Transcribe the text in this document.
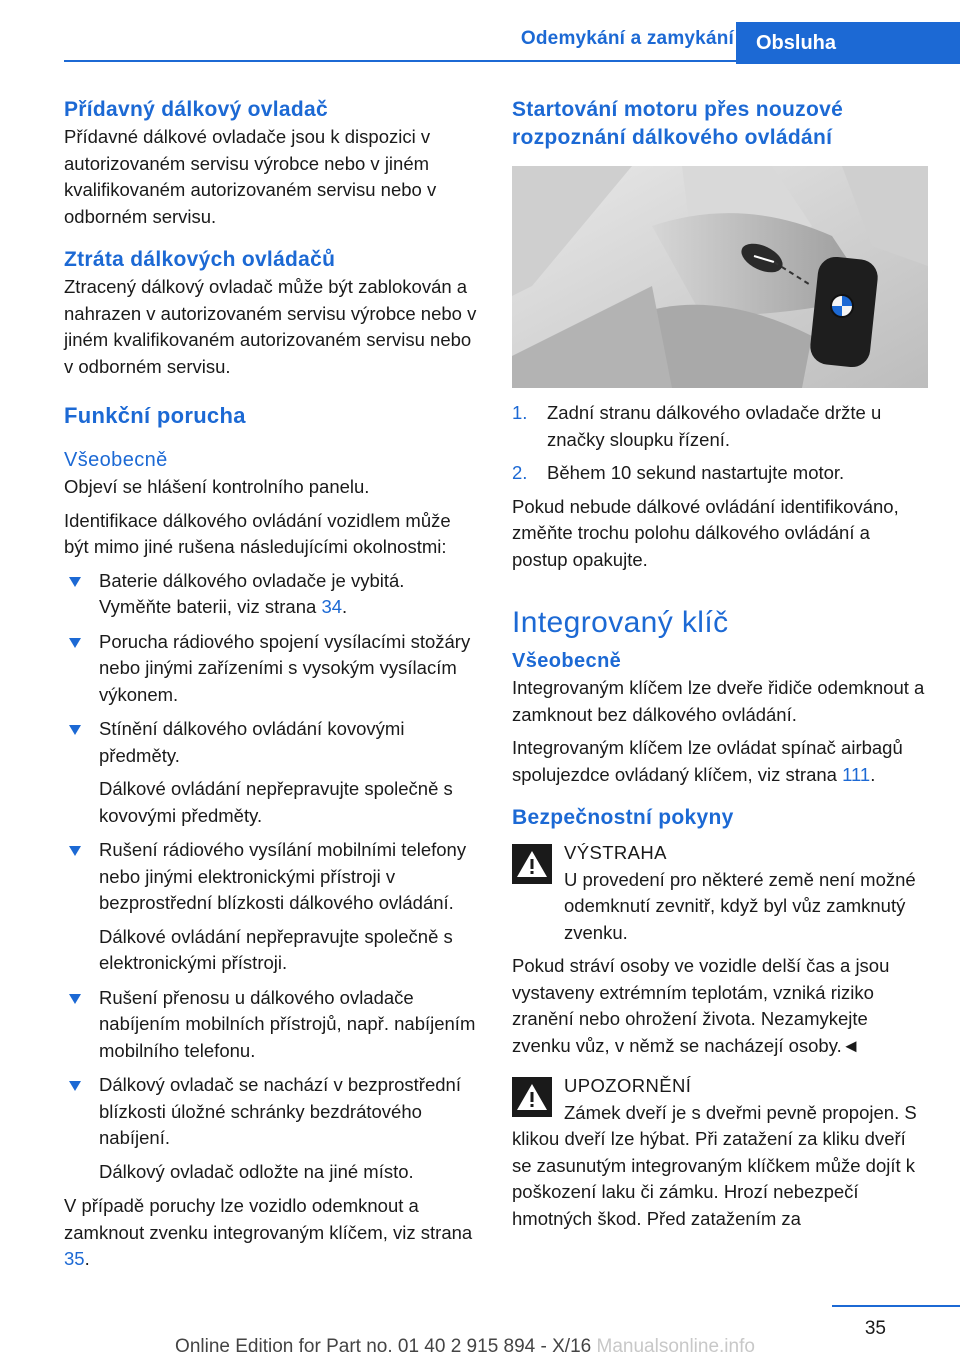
Odemykání a zamykání	Obsluha
Přídavný dálkový ovladač

Přídavné dálkové ovladače jsou k dispozici v autorizovaném servisu výrobce nebo v jiném kvalifikovaném autorizovaném servisu nebo v odborném servisu.

Ztráta dálkových ovládačů

Ztracený dálkový ovladač může být zablokován a nahrazen v autorizovaném servisu výrobce nebo v jiném kvalifikovaném autorizovaném servisu nebo v odborném servisu.

Funkční porucha
Všeobecně

Objeví se hlášení kontrolního panelu.

Identifikace dálkového ovládání vozidlem může být mimo jiné rušena následujícími okolnostmi:

Baterie dálkového ovladače je vybitá. Vyměňte baterii, viz strana 34.
Porucha rádiového spojení vysílacími stožáry nebo jinými zařízeními s vysokým vysílacím výkonem.
Stínění dálkového ovládání kovovými předměty.
Dálkové ovládání nepřepravujte společně s kovovými předměty.
Rušení rádiového vysílání mobilními telefony nebo jinými elektronickými přístroji v bezprostřední blízkosti dálkového ovládání.
Dálkové ovládání nepřepravujte společně s elektronickými přístroji.
Rušení přenosu u dálkového ovladače nabíjením mobilních přístrojů, např. nabíjením mobilního telefonu.
Dálkový ovladač se nachází v bezprostřední blízkosti úložné schránky bezdrátového nabíjení.
Dálkový ovladač odložte na jiné místo.

V případě poruchy lze vozidlo odemknout a zamknout zvenku integrovaným klíčem, viz strana 35.

Startování motoru přes nouzové rozpoznání dálkového ovládání
1. Zadní stranu dálkového ovladače držte u značky sloupku řízení.
2. Během 10 sekund nastartujte motor.

Pokud nebude dálkové ovládání identifikováno, změňte trochu polohu dálkového ovládání a postup opakujte.

Integrovaný klíč
Všeobecně

Integrovaným klíčem lze dveře řidiče odemknout a zamknout bez dálkového ovládání.

Integrovaným klíčem lze ovládat spínač airbagů spolujezdce ovládaný klíčem, viz strana 111.

Bezpečnostní pokyny
VÝSTRAHA
U provedení pro některé země není možné odemknutí zevnitř, když byl vůz zamknutý zvenku.

Pokud stráví osoby ve vozidle delší čas a jsou vystaveny extrémním teplotám, vzniká riziko zranění nebo ohrožení života. Nezamykejte zvenku vůz, v němž se nacházejí osoby.◄

UPOZORNĚNÍ
Zámek dveří je s dveřmi pevně propojen. S klikou dveří lze hýbat. Při zatažení za kliku dveří se zasunutým integrovaným klíčkem může dojít k poškození laku či zámku. Hrozí nebezpečí hmotných škod. Před zatažením za
35
Online Edition for Part no. 01 40 2 915 894 - X/16 Manualsonline.info
